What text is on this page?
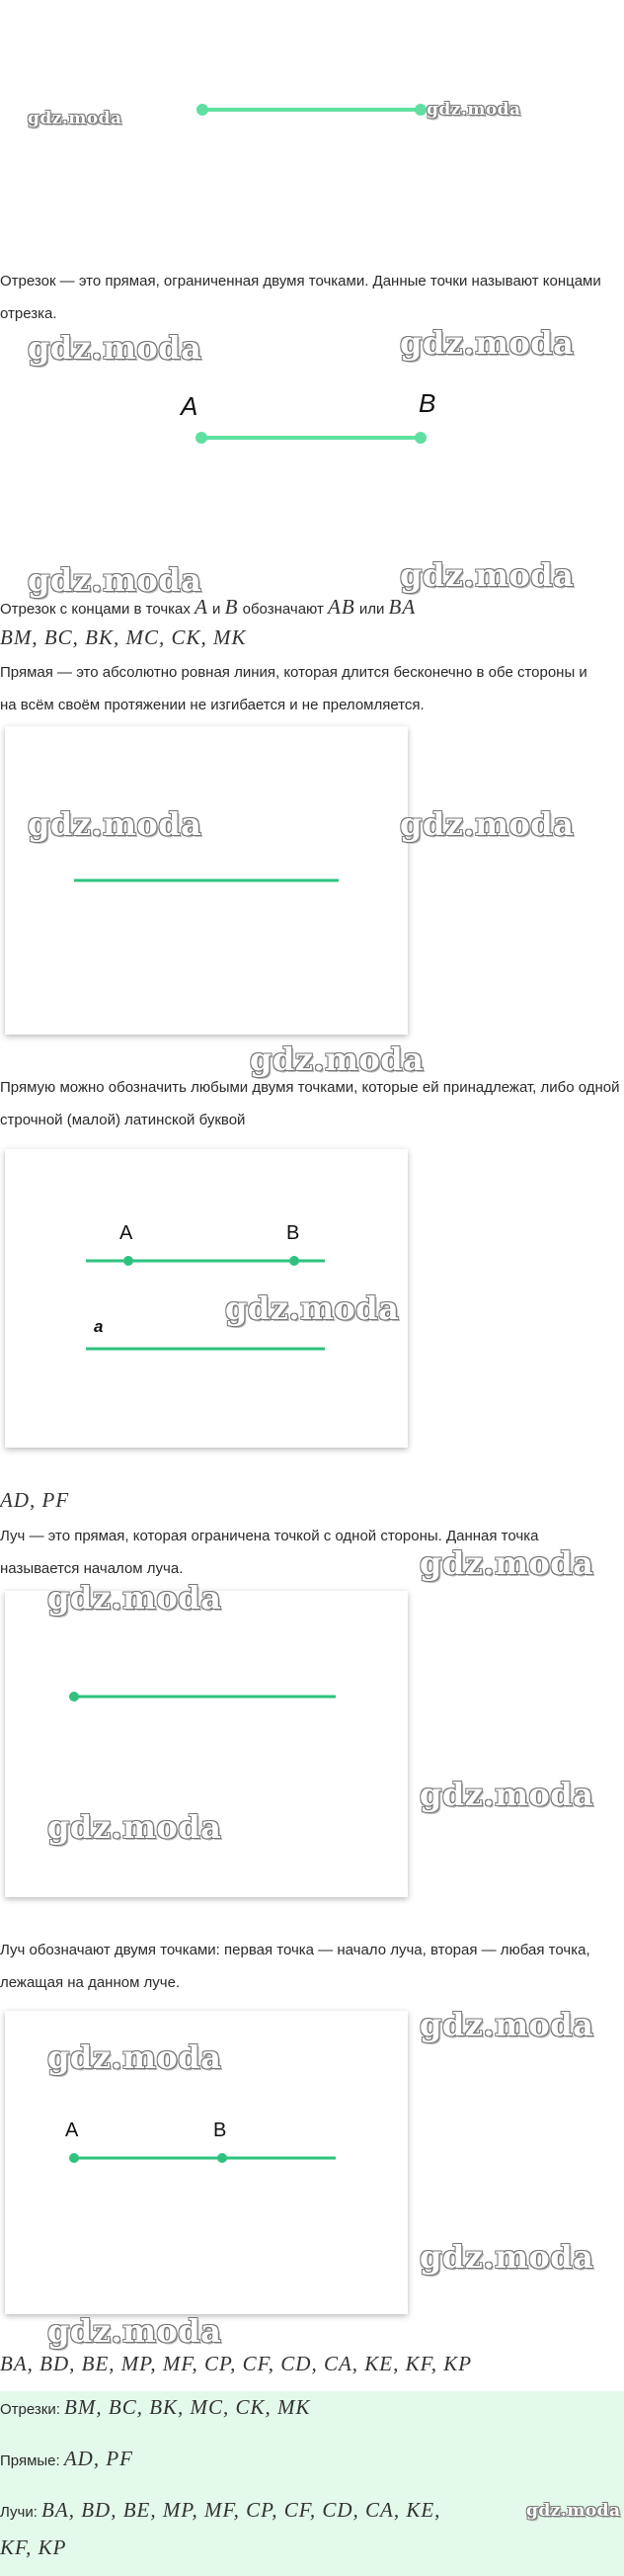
gdz.moda	gdz.moda
Отрезок — это прямая, ограниченная двумя точками. Данные точки называют концами отрезка.
gdz.moda	gdz.moda
A	B
gdz.moda	gdz.moda
Отрезок с концами в точках A и B обозначают AB или BA
BM, BC, BK, MC, CK, MK
Прямая — это абсолютно ровная линия, которая длится бесконечно в обе стороны и на всём своём протяжении не изгибается и не преломляется.
gdz.moda	gdz.moda
gdz.moda
Прямую можно обозначить любыми двумя точками, которые ей принадлежат, либо одной строчной (малой) латинской буквой
A	B
a	gdz.moda
AD, PF
Луч — это прямая, которая ограничена точкой с одной стороны. Данная точка называется началом луча.	gdz.moda
gdz.moda
gdz.moda
gdz.moda
Луч обозначают двумя точками: первая точка — начало луча, вторая — любая точка, лежащая на данном луче.
A	B
gdz.moda
gdz.moda
gdz.moda
gdz.moda
BA, BD, BE, MP, MF, CP, CF, CD, CA, KE, KF, KP
Отрезки: BM, BC, BK, MC, CK, MK
Прямые: AD, PF
Лучи: BA, BD, BE, MP, MF, CP, CF, CD, CA, KE,
KF, KP
gdz.moda
